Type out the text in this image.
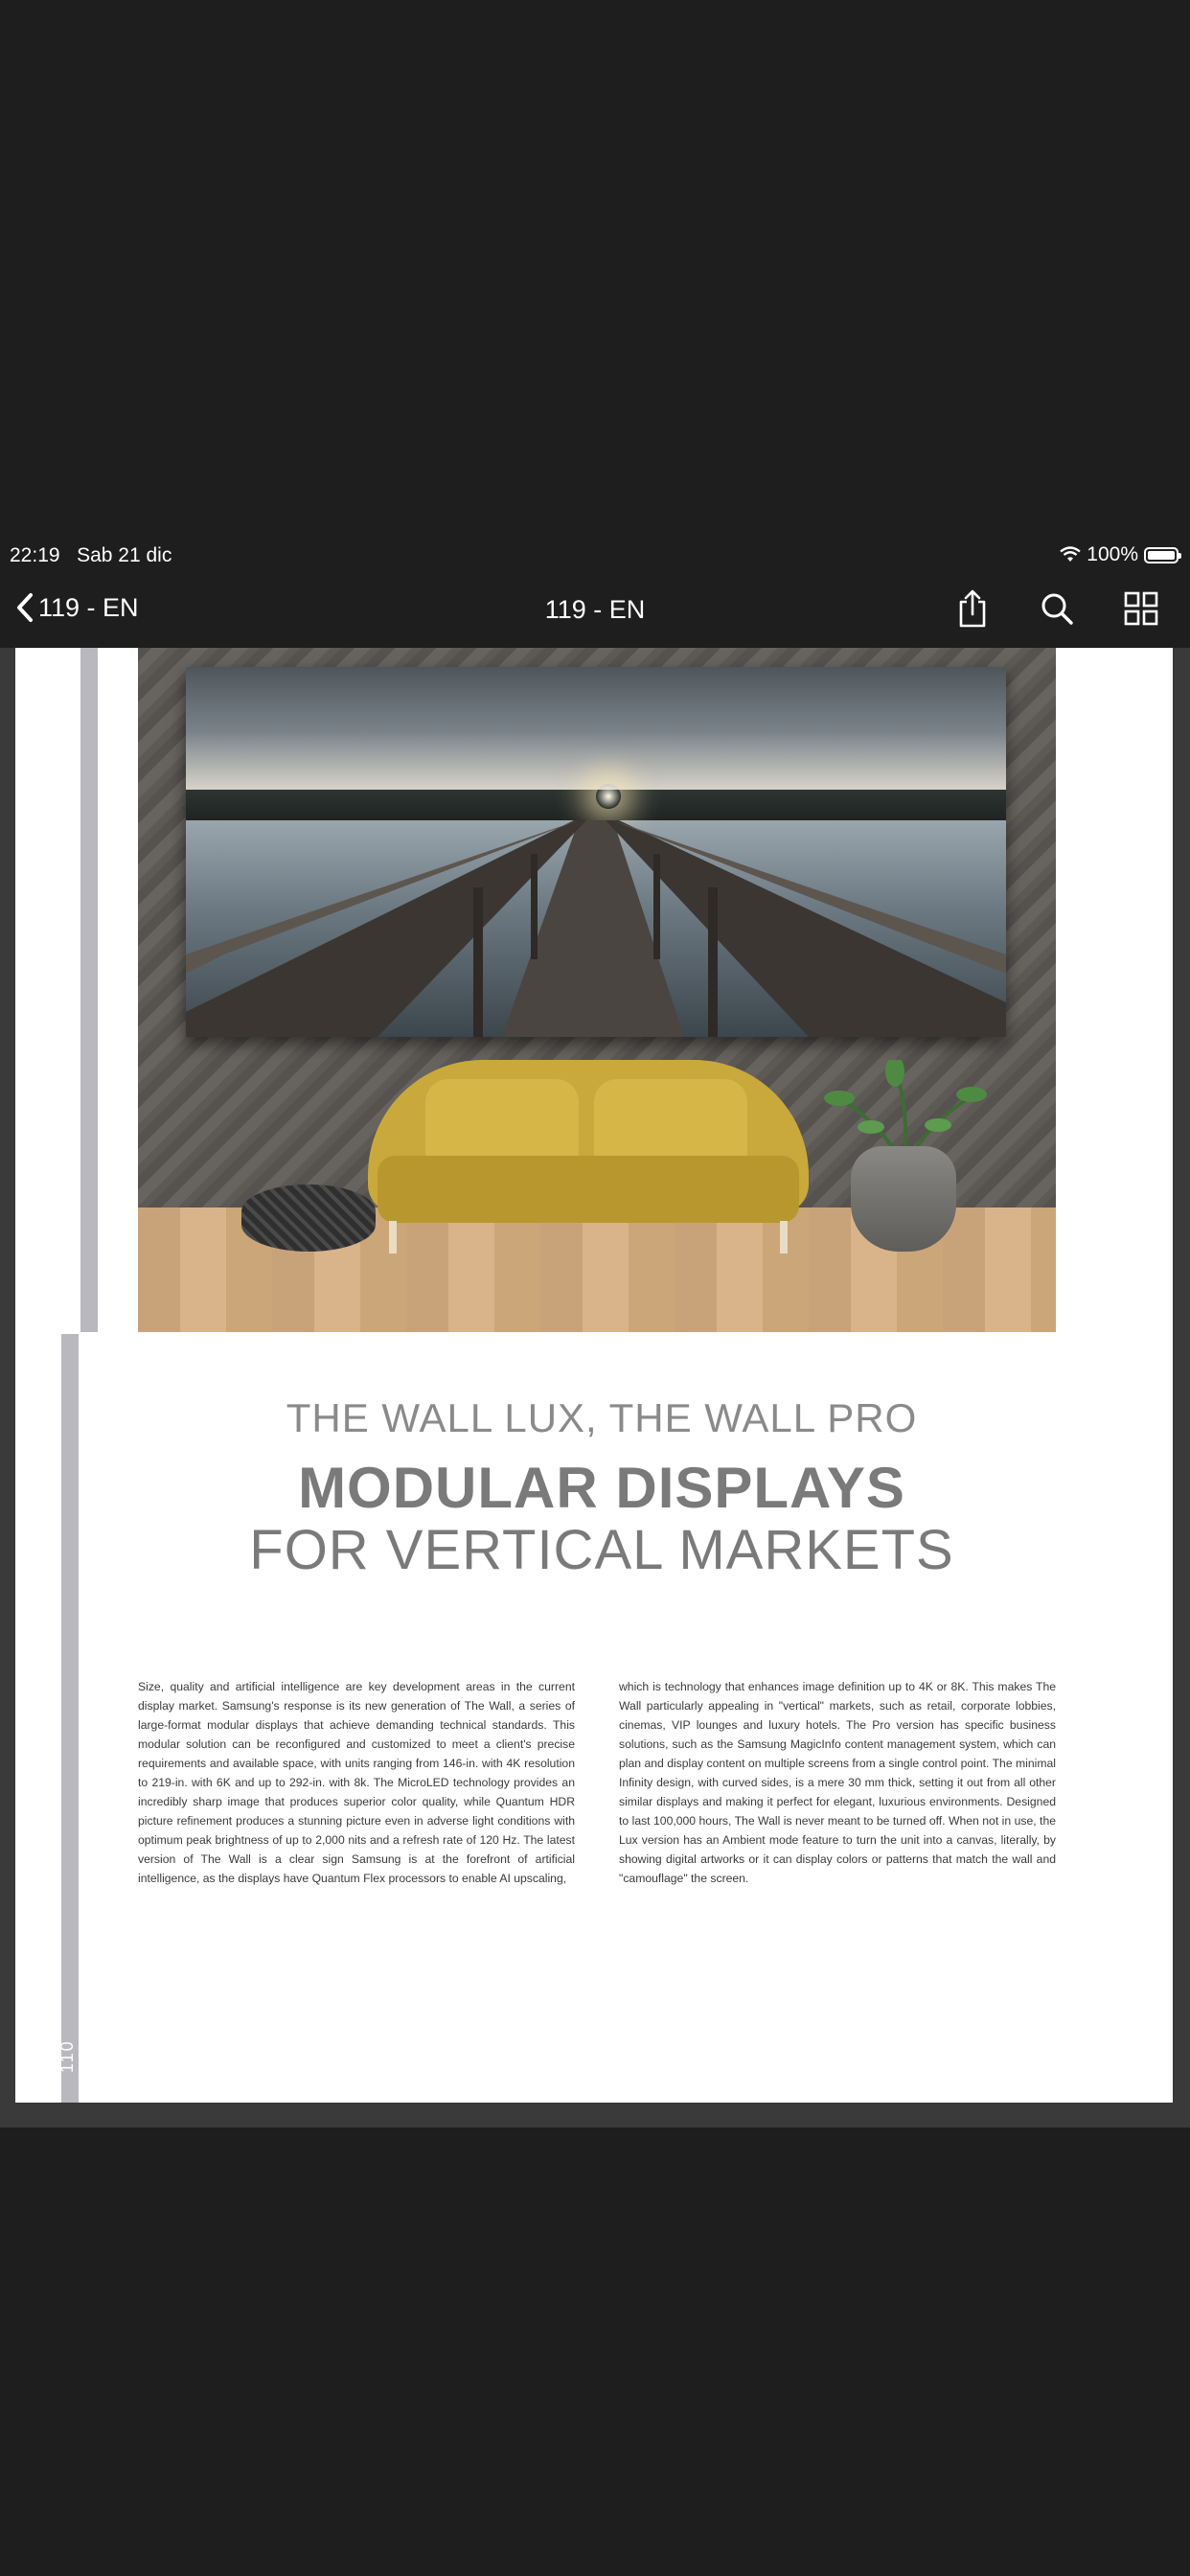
22:19 Sab 21 dic	100%
119 - EN	119 - EN
110
THE WALL LUX, THE WALL PRO
MODULAR DISPLAYS
FOR VERTICAL MARKETS
Size, quality and artificial intelligence are key development areas in the current display market. Samsung's response is its new generation of The Wall, a series of large-format modular displays that achieve demanding technical standards. This modular solution can be reconfigured and customized to meet a client's precise requirements and available space, with units ranging from 146-in. with 4K resolution to 219-in. with 6K and up to 292-in. with 8k. The MicroLED technology provides an incredibly sharp image that produces superior color quality, while Quantum HDR picture refinement produces a stunning picture even in adverse light conditions with optimum peak brightness of up to 2,000 nits and a refresh rate of 120 Hz. The latest version of The Wall is a clear sign Samsung is at the forefront of artificial intelligence, as the displays have Quantum Flex processors to enable AI upscaling,
which is technology that enhances image definition up to 4K or 8K. This makes The Wall particularly appealing in "vertical" markets, such as retail, corporate lobbies, cinemas, VIP lounges and luxury hotels. The Pro version has specific business solutions, such as the Samsung MagicInfo content management system, which can plan and display content on multiple screens from a single control point. The minimal Infinity design, with curved sides, is a mere 30 mm thick, setting it out from all other similar displays and making it perfect for elegant, luxurious environments. Designed to last 100,000 hours, The Wall is never meant to be turned off. When not in use, the Lux version has an Ambient mode feature to turn the unit into a canvas, literally, by showing digital artworks or it can display colors or patterns that match the wall and "camouflage" the screen.
